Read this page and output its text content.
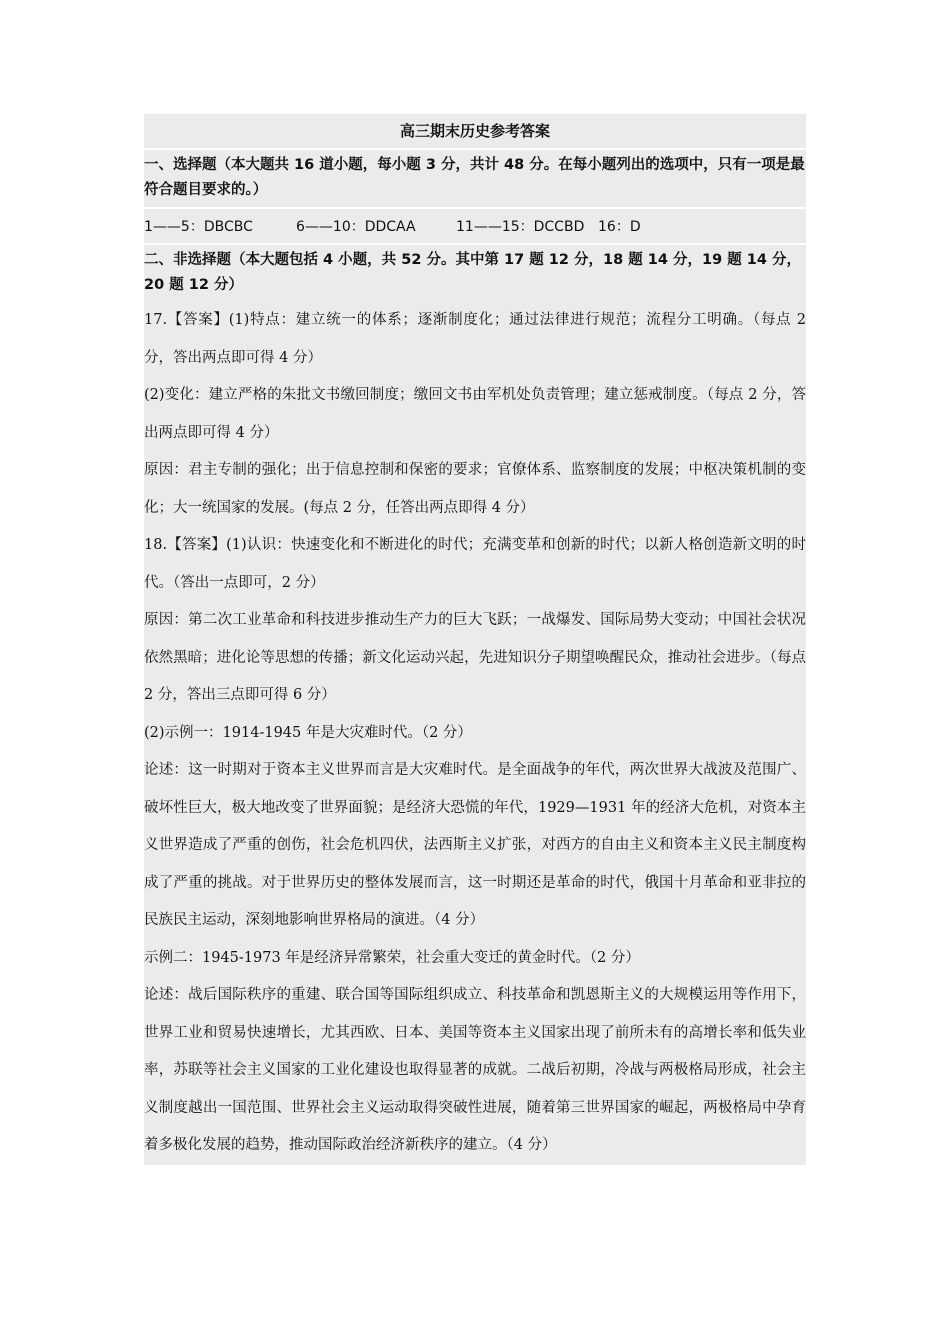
高三期末历史参考答案
一、选择题（本大题共 16 道小题，每小题 3 分，共计 48 分。在每小题列出的选项中，只有一项是最符合题目要求的。）
1——5：DBCBC	6——10：DDCAA	11——15：DCCBD 16：D
二、非选择题（本大题包括 4 小题，共 52 分。其中第 17 题 12 分，18 题 14 分，19 题 14 分，20 题 12 分）

17.【答案】(1)特点：建立统一的体系；逐渐制度化；通过法律进行规范；流程分工明确。（每点 2 分，答出两点即可得 4 分）

(2)变化：建立严格的朱批文书缴回制度；缴回文书由军机处负责管理；建立惩戒制度。（每点 2 分，答出两点即可得 4 分）

原因：君主专制的强化；出于信息控制和保密的要求；官僚体系、监察制度的发展；中枢决策机制的变化；大一统国家的发展。(每点 2 分，任答出两点即得 4 分）

18.【答案】(1)认识：快速变化和不断进化的时代；充满变革和创新的时代；以新人格创造新文明的时代。（答出一点即可，2 分）

原因：第二次工业革命和科技进步推动生产力的巨大飞跃；一战爆发、国际局势大变动；中国社会状况依然黑暗；进化论等思想的传播；新文化运动兴起，先进知识分子期望唤醒民众，推动社会进步。（每点 2 分，答出三点即可得 6 分）

(2)示例一：1914-1945 年是大灾难时代。（2 分）

论述：这一时期对于资本主义世界而言是大灾难时代。是全面战争的年代，两次世界大战波及范围广、破坏性巨大，极大地改变了世界面貌；是经济大恐慌的年代，1929—1931 年的经济大危机，对资本主义世界造成了严重的创伤，社会危机四伏，法西斯主义扩张，对西方的自由主义和资本主义民主制度构成了严重的挑战。对于世界历史的整体发展而言，这一时期还是革命的时代，俄国十月革命和亚非拉的民族民主运动，深刻地影响世界格局的演进。（4 分）

示例二：1945-1973 年是经济异常繁荣，社会重大变迁的黄金时代。（2 分）

论述：战后国际秩序的重建、联合国等国际组织成立、科技革命和凯恩斯主义的大规模运用等作用下，世界工业和贸易快速增长，尤其西欧、日本、美国等资本主义国家出现了前所未有的高增长率和低失业率，苏联等社会主义国家的工业化建设也取得显著的成就。二战后初期，冷战与两极格局形成，社会主义制度越出一国范围、世界社会主义运动取得突破性进展，随着第三世界国家的崛起，两极格局中孕育着多极化发展的趋势，推动国际政治经济新秩序的建立。（4 分）
